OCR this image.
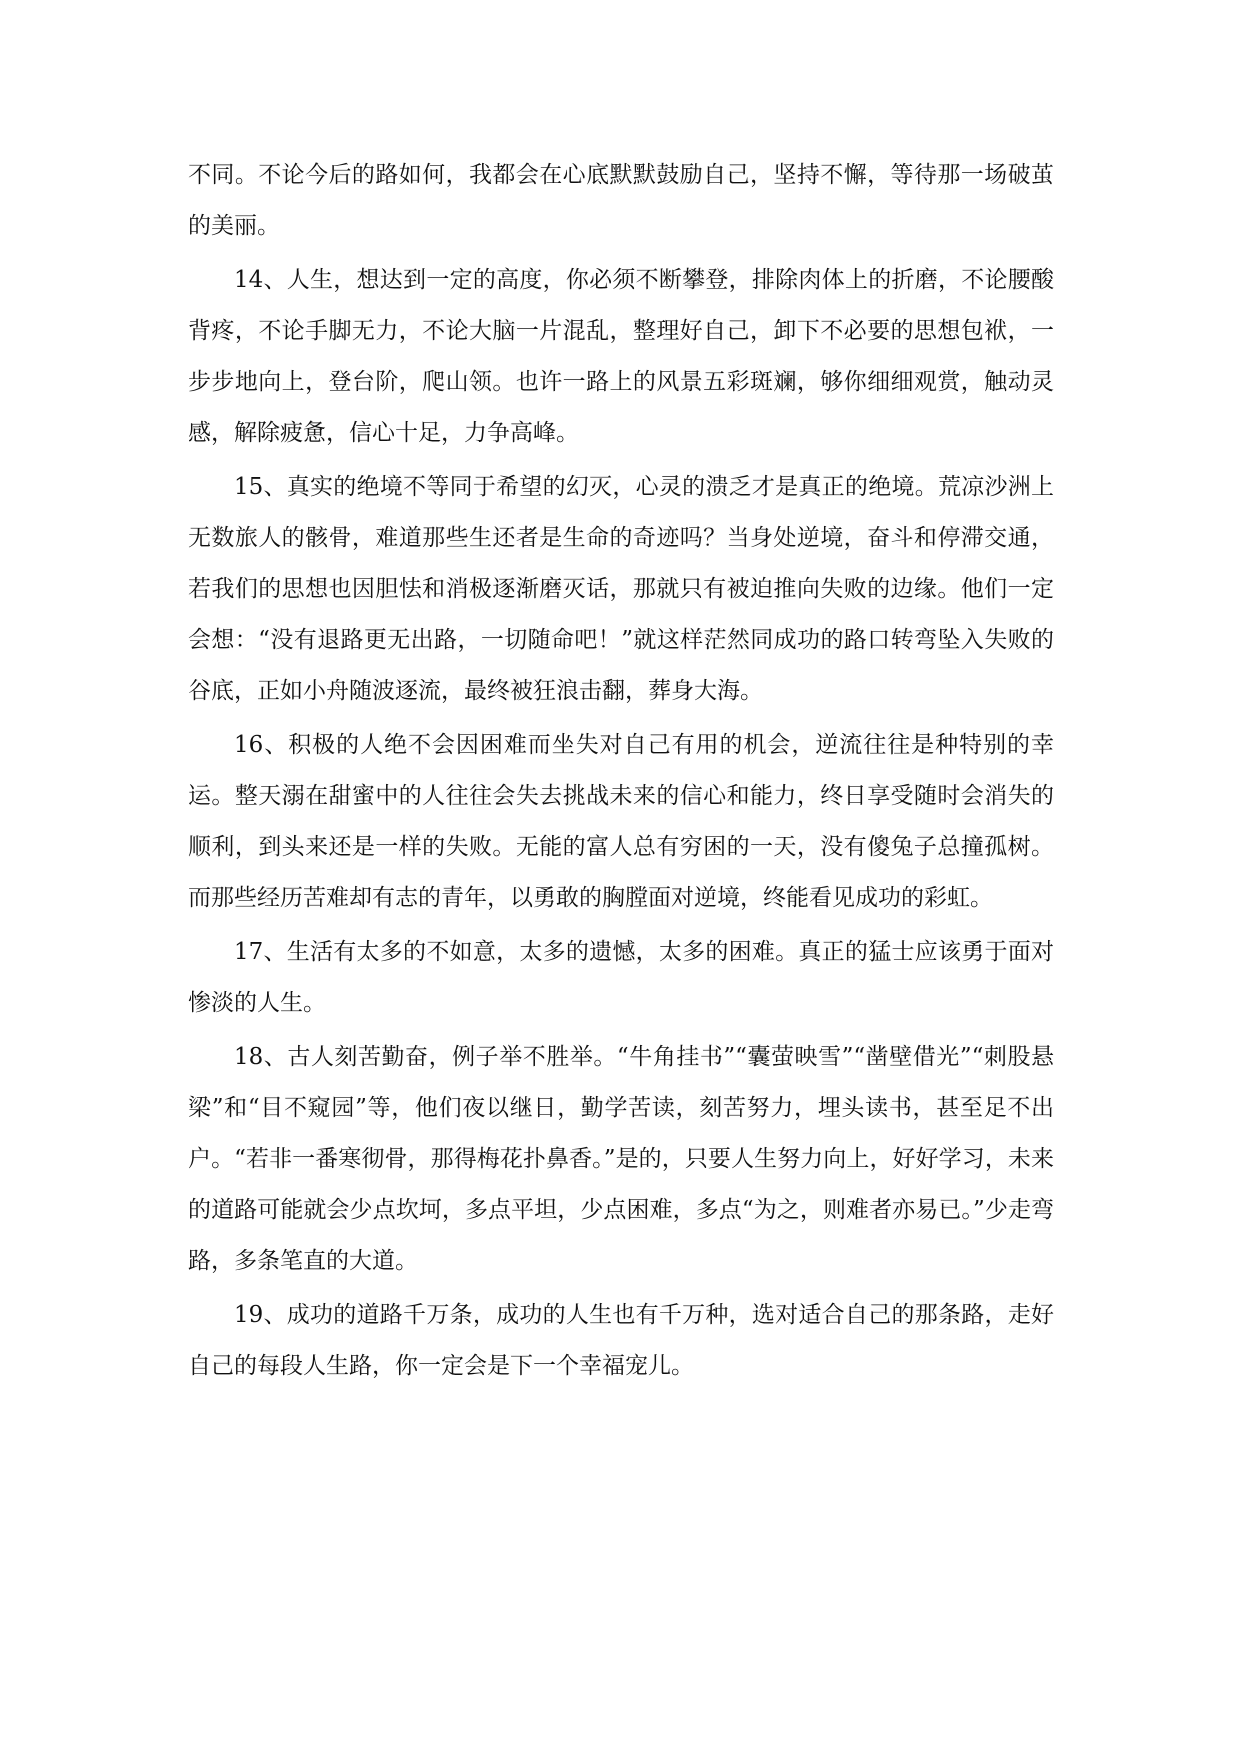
不同。不论今后的路如何，我都会在心底默默鼓励自己，坚持不懈，等待那一场破茧的美丽。

14、人生，想达到一定的高度，你必须不断攀登，排除肉体上的折磨，不论腰酸背疼，不论手脚无力，不论大脑一片混乱，整理好自己，卸下不必要的思想包袱，一步步地向上，登台阶，爬山领。也许一路上的风景五彩斑斓，够你细细观赏，触动灵感，解除疲惫，信心十足，力争高峰。

15、真实的绝境不等同于希望的幻灭，心灵的溃乏才是真正的绝境。荒凉沙洲上无数旅人的骸骨，难道那些生还者是生命的奇迹吗？当身处逆境，奋斗和停滞交通，若我们的思想也因胆怯和消极逐渐磨灭话，那就只有被迫推向失败的边缘。他们一定会想：“没有退路更无出路，一切随命吧！”就这样茫然同成功的路口转弯坠入失败的谷底，正如小舟随波逐流，最终被狂浪击翻，葬身大海。

16、积极的人绝不会因困难而坐失对自己有用的机会，逆流往往是种特别的幸运。整天溺在甜蜜中的人往往会失去挑战未来的信心和能力，终日享受随时会消失的顺利，到头来还是一样的失败。无能的富人总有穷困的一天，没有傻兔子总撞孤树。而那些经历苦难却有志的青年，以勇敢的胸膛面对逆境，终能看见成功的彩虹。

17、生活有太多的不如意，太多的遗憾，太多的困难。真正的猛士应该勇于面对惨淡的人生。

18、古人刻苦勤奋，例子举不胜举。“牛角挂书”“囊萤映雪”“凿壁借光”“刺股悬梁”和“目不窥园”等，他们夜以继日，勤学苦读，刻苦努力，埋头读书，甚至足不出户。“若非一番寒彻骨，那得梅花扑鼻香。”是的，只要人生努力向上，好好学习，未来的道路可能就会少点坎坷，多点平坦，少点困难，多点“为之，则难者亦易已。”少走弯路，多条笔直的大道。

19、成功的道路千万条，成功的人生也有千万种，选对适合自己的那条路，走好自己的每段人生路，你一定会是下一个幸福宠儿。
